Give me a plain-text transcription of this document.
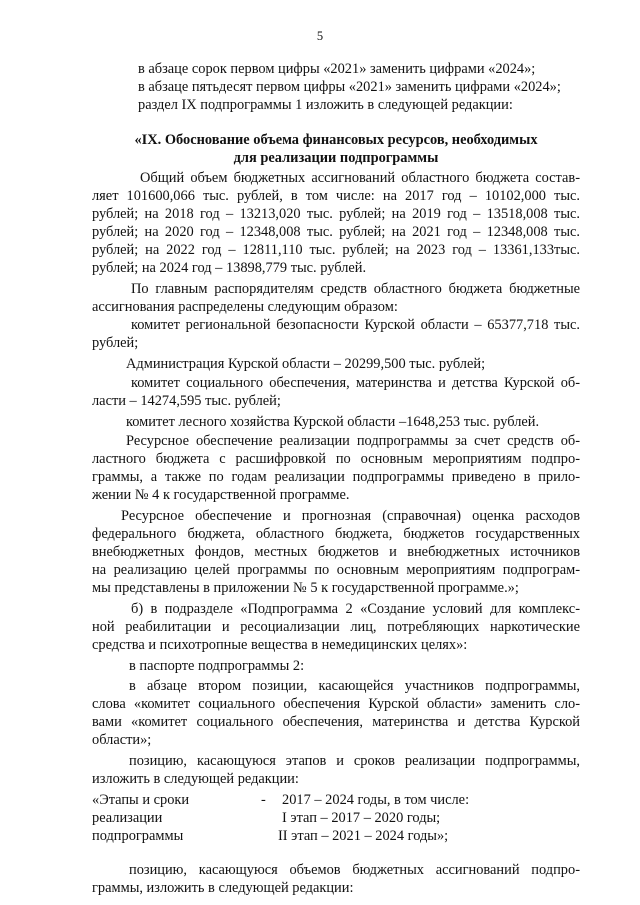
5
в абзаце сорок первом цифры «2021» заменить цифрами «2024»;
в абзаце пятьдесят первом цифры «2021» заменить цифрами «2024»;
раздел IX подпрограммы 1 изложить в следующей редакции:
«IX. Обоснование объема финансовых ресурсов, необходимых
для реализации подпрограммы
Общий объем бюджетных ассигнований областного бюджета состав-
ляет 101600,066 тыс. рублей, в том числе: на 2017 год – 10102,000 тыс.
рублей; на 2018 год – 13213,020 тыс. рублей; на 2019 год – 13518,008 тыс.
рублей; на 2020 год – 12348,008 тыс. рублей; на 2021 год – 12348,008 тыс.
рублей; на 2022 год – 12811,110 тыс. рублей; на 2023 год – 13361,133тыс.
рублей; на 2024 год – 13898,779 тыс. рублей.
По главным распорядителям средств областного бюджета бюджетные
ассигнования распределены следующим образом:
комитет региональной безопасности Курской области – 65377,718 тыс.
рублей;
Администрация Курской области – 20299,500 тыс. рублей;
комитет социального обеспечения, материнства и детства Курской об-
ласти – 14274,595 тыс. рублей;
комитет лесного хозяйства Курской области –1648,253 тыс. рублей.
Ресурсное обеспечение реализации подпрограммы за счет средств об-
ластного бюджета с расшифровкой по основным мероприятиям подпро-
граммы, а также по годам реализации подпрограммы приведено в прило-
жении № 4 к государственной программе.
Ресурсное обеспечение и прогнозная (справочная) оценка расходов
федерального бюджета, областного бюджета, бюджетов государственных
внебюджетных фондов, местных бюджетов и внебюджетных источников
на реализацию целей программы по основным мероприятиям подпрограм-
мы представлены в приложении № 5 к государственной программе.»;
б) в подразделе «Подпрограмма 2 «Создание условий для комплекс-
ной реабилитации и ресоциализации лиц, потребляющих наркотические
средства и психотропные вещества в немедицинских целях»:
в паспорте подпрограммы 2:
в абзаце втором позиции, касающейся участников подпрограммы,
слова «комитет социального обеспечения Курской области» заменить сло-
вами «комитет социального обеспечения, материнства и детства Курской
области»;
позицию, касающуюся этапов и сроков реализации подпрограммы,
изложить в следующей редакции:
«Этапы и сроки
реализации
подпрограммы
- 2017 – 2024 годы, в том числе:
I этап – 2017 – 2020 годы;
II этап – 2021 – 2024 годы»;
позицию, касающуюся объемов бюджетных ассигнований подпро-
граммы, изложить в следующей редакции:
